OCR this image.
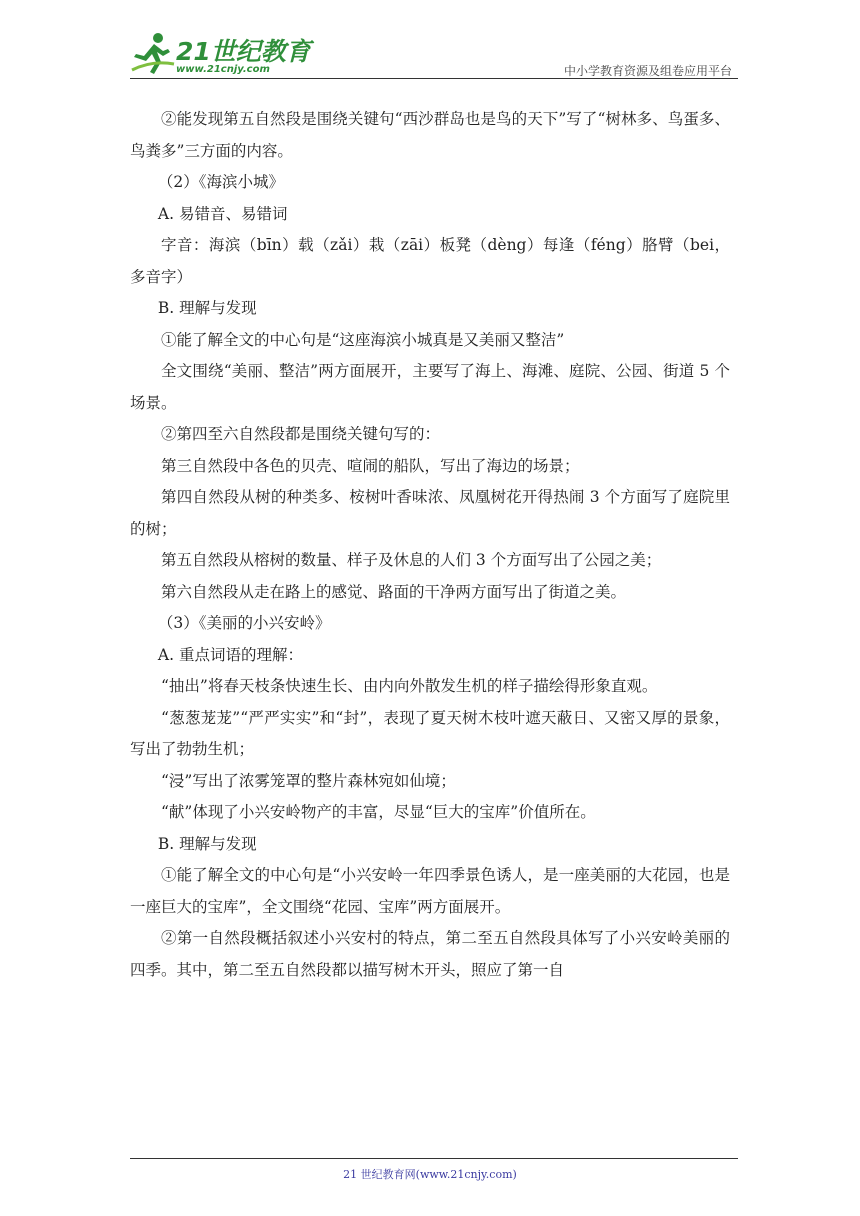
21世纪教育
www.21cnjy.com	中小学教育资源及组卷应用平台

②能发现第五自然段是围绕关键句“西沙群岛也是鸟的天下”写了“树林多、鸟蛋多、鸟粪多”三方面的内容。

（2）《海滨小城》

A. 易错音、易错词

字音：海滨（bīn）载（zǎi）栽（zāi）板凳（dèng）每逢（féng）胳臂（bei，多音字）

B. 理解与发现

①能了解全文的中心句是“这座海滨小城真是又美丽又整洁”

全文围绕“美丽、整洁”两方面展开，主要写了海上、海滩、庭院、公园、街道 5 个场景。

②第四至六自然段都是围绕关键句写的：

第三自然段中各色的贝壳、喧闹的船队，写出了海边的场景；

第四自然段从树的种类多、桉树叶香味浓、凤凰树花开得热闹 3 个方面写了庭院里的树；

第五自然段从榕树的数量、样子及休息的人们 3 个方面写出了公园之美；

第六自然段从走在路上的感觉、路面的干净两方面写出了街道之美。

（3）《美丽的小兴安岭》

A. 重点词语的理解：

“抽出”将春天枝条快速生长、由内向外散发生机的样子描绘得形象直观。

“葱葱茏茏”“严严实实”和“封”，表现了夏天树木枝叶遮天蔽日、又密又厚的景象，写出了勃勃生机；

“浸”写出了浓雾笼罩的整片森林宛如仙境；

“献”体现了小兴安岭物产的丰富，尽显“巨大的宝库”价值所在。

B. 理解与发现

①能了解全文的中心句是“小兴安岭一年四季景色诱人，是一座美丽的大花园，也是一座巨大的宝库”，全文围绕“花园、宝库”两方面展开。

②第一自然段概括叙述小兴安村的特点，第二至五自然段具体写了小兴安岭美丽的四季。其中，第二至五自然段都以描写树木开头，照应了第一自

21 世纪教育网(www.21cnjy.com)
